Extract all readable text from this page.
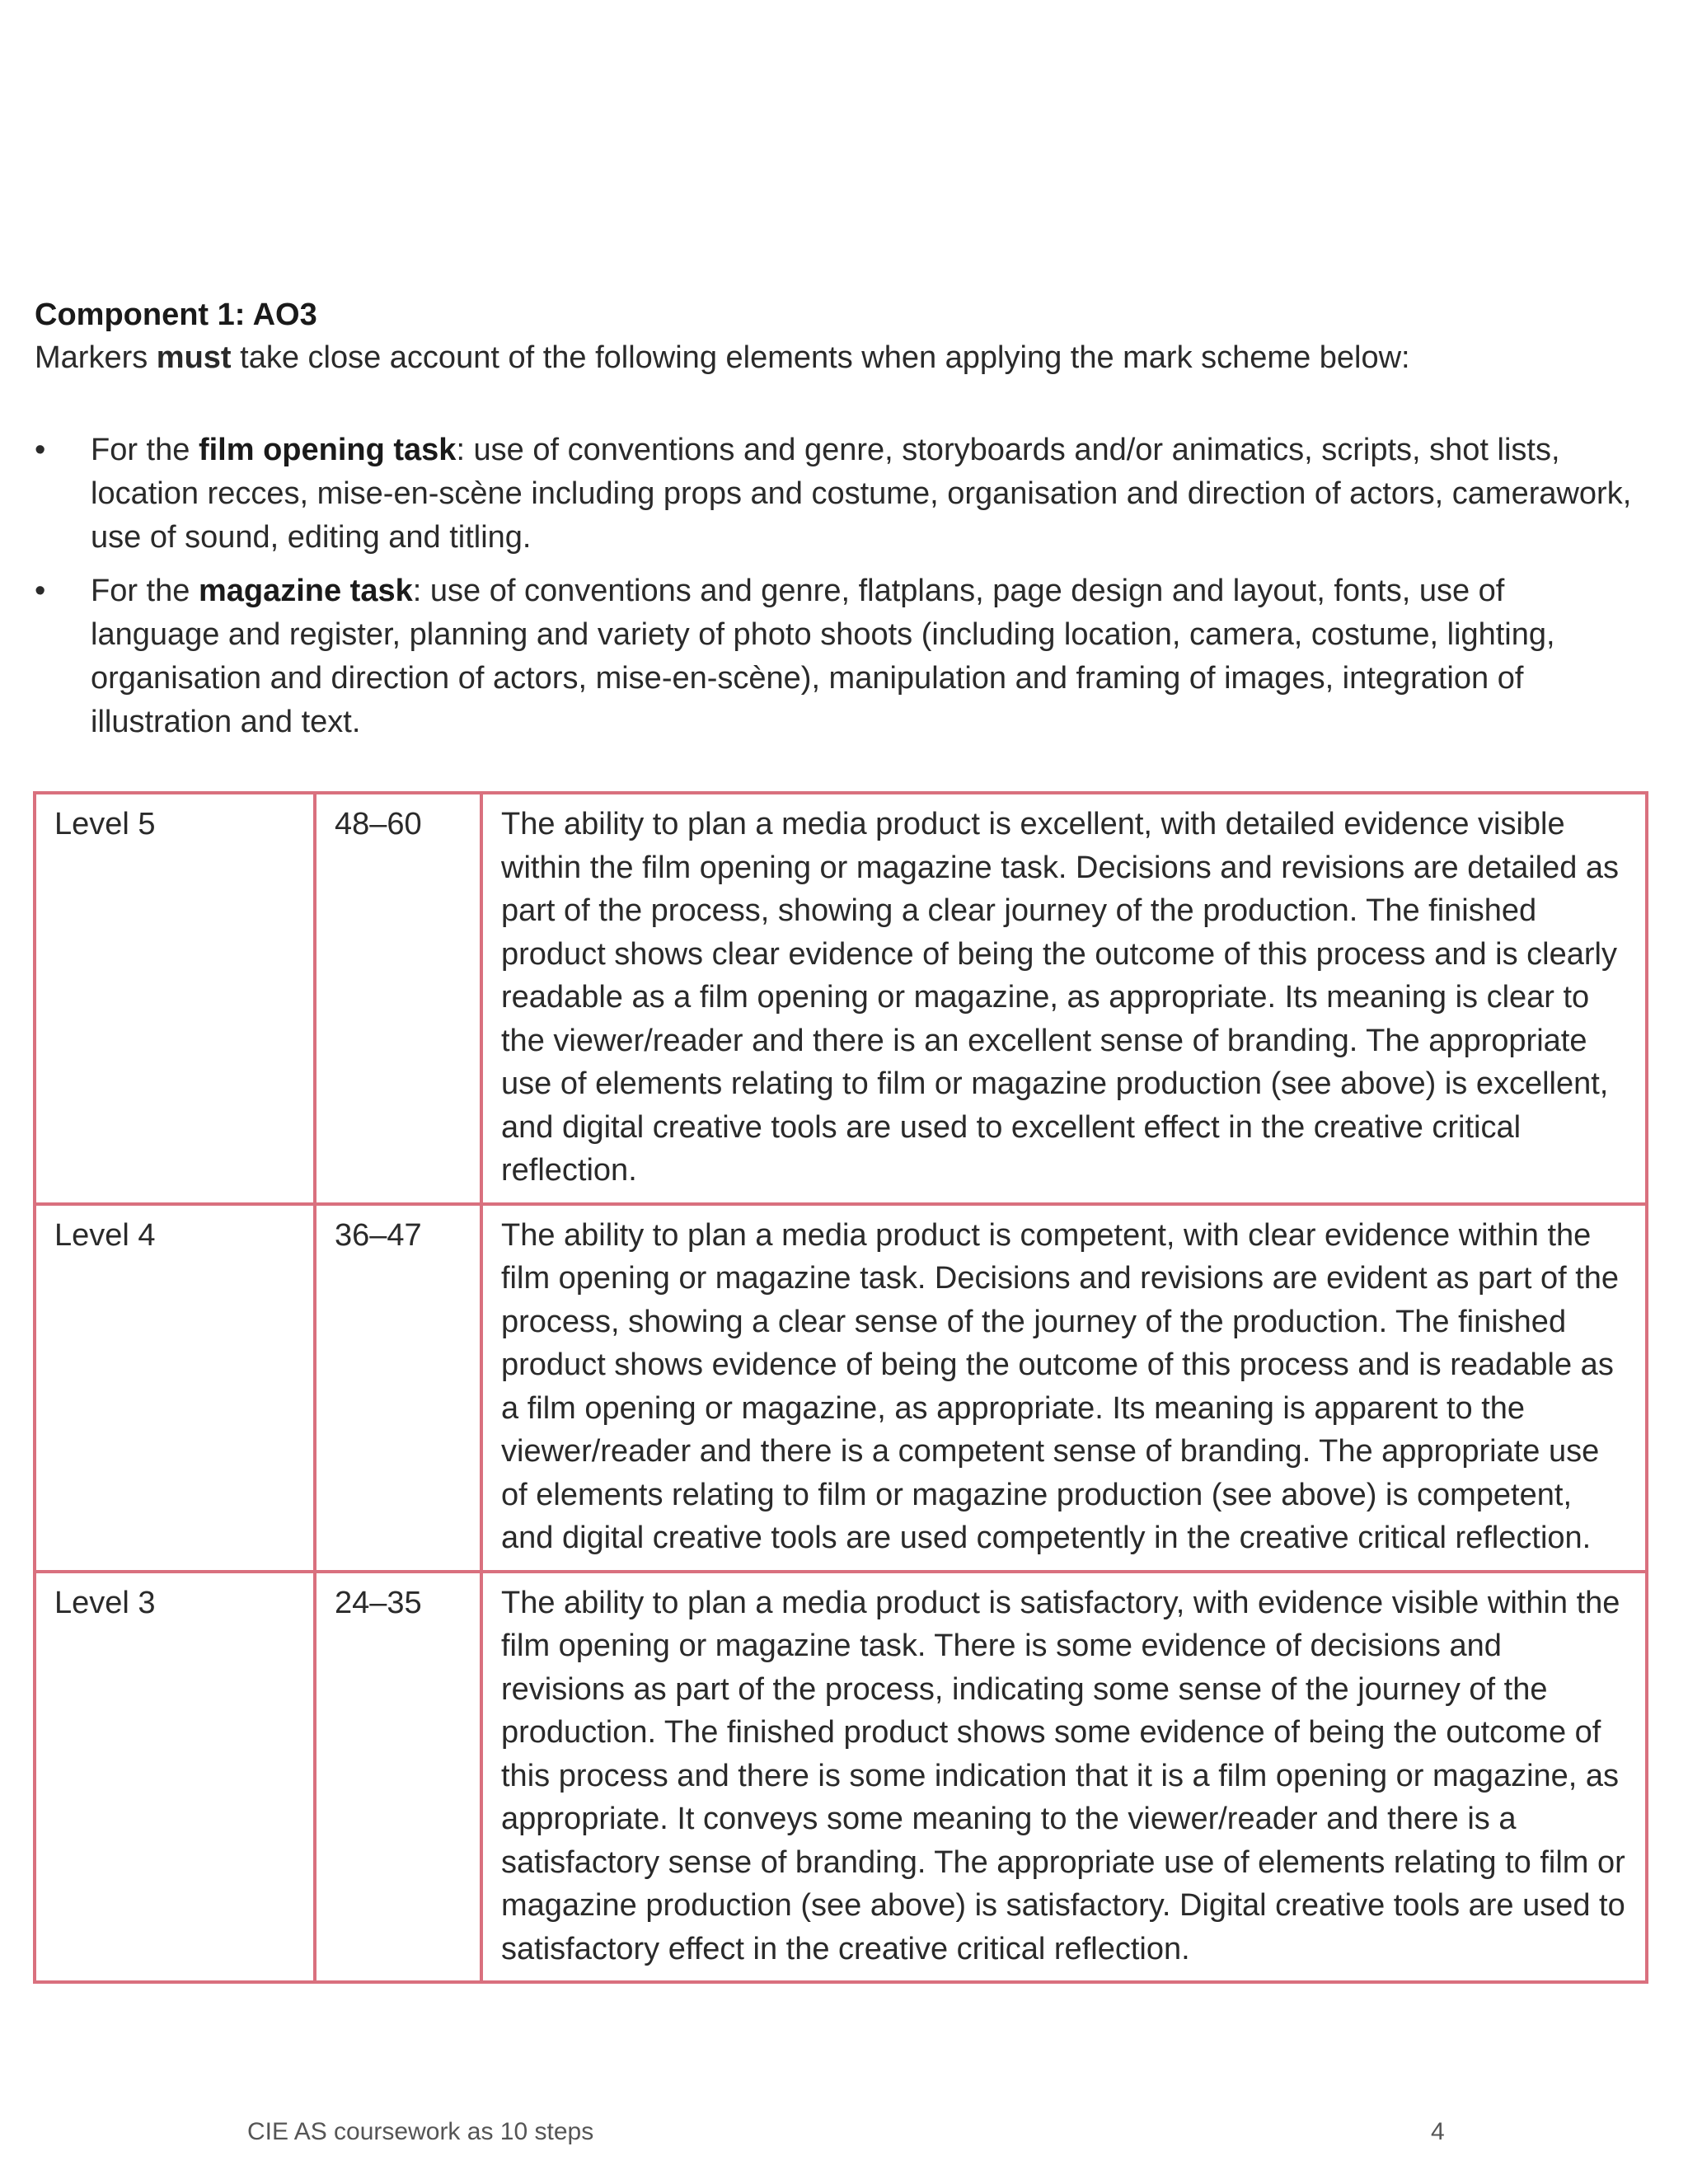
Component 1: AO3

Markers must take close account of the following elements when applying the mark scheme below:

• For the film opening task: use of conventions and genre, storyboards and/or animatics, scripts, shot lists, location recces, mise-en-scène including props and costume, organisation and direction of actors, camerawork, use of sound, editing and titling.
• For the magazine task: use of conventions and genre, flatplans, page design and layout, fonts, use of language and register, planning and variety of photo shoots (including location, camera, costume, lighting, organisation and direction of actors, mise-en-scène), manipulation and framing of images, integration of illustration and text.
Level 5	48–60	The ability to plan a media product is excellent, with detailed evidence visible within the film opening or magazine task. Decisions and revisions are detailed as part of the process, showing a clear journey of the production. The finished product shows clear evidence of being the outcome of this process and is clearly readable as a film opening or magazine, as appropriate. Its meaning is clear to the viewer/reader and there is an excellent sense of branding. The appropriate use of elements relating to film or magazine production (see above) is excellent, and digital creative tools are used to excellent effect in the creative critical reflection.
Level 4	36–47	The ability to plan a media product is competent, with clear evidence within the film opening or magazine task. Decisions and revisions are evident as part of the process, showing a clear sense of the journey of the production. The finished product shows evidence of being the outcome of this process and is readable as a film opening or magazine, as appropriate. Its meaning is apparent to the viewer/reader and there is a competent sense of branding. The appropriate use of elements relating to film or magazine production (see above) is competent, and digital creative tools are used competently in the creative critical reflection.
Level 3	24–35	The ability to plan a media product is satisfactory, with evidence visible within the film opening or magazine task. There is some evidence of decisions and revisions as part of the process, indicating some sense of the journey of the production. The finished product shows some evidence of being the outcome of this process and there is some indication that it is a film opening or magazine, as appropriate. It conveys some meaning to the viewer/reader and there is a satisfactory sense of branding. The appropriate use of elements relating to film or magazine production (see above) is satisfactory. Digital creative tools are used to satisfactory effect in the creative critical reflection.
CIE AS coursework as 10 steps	4
